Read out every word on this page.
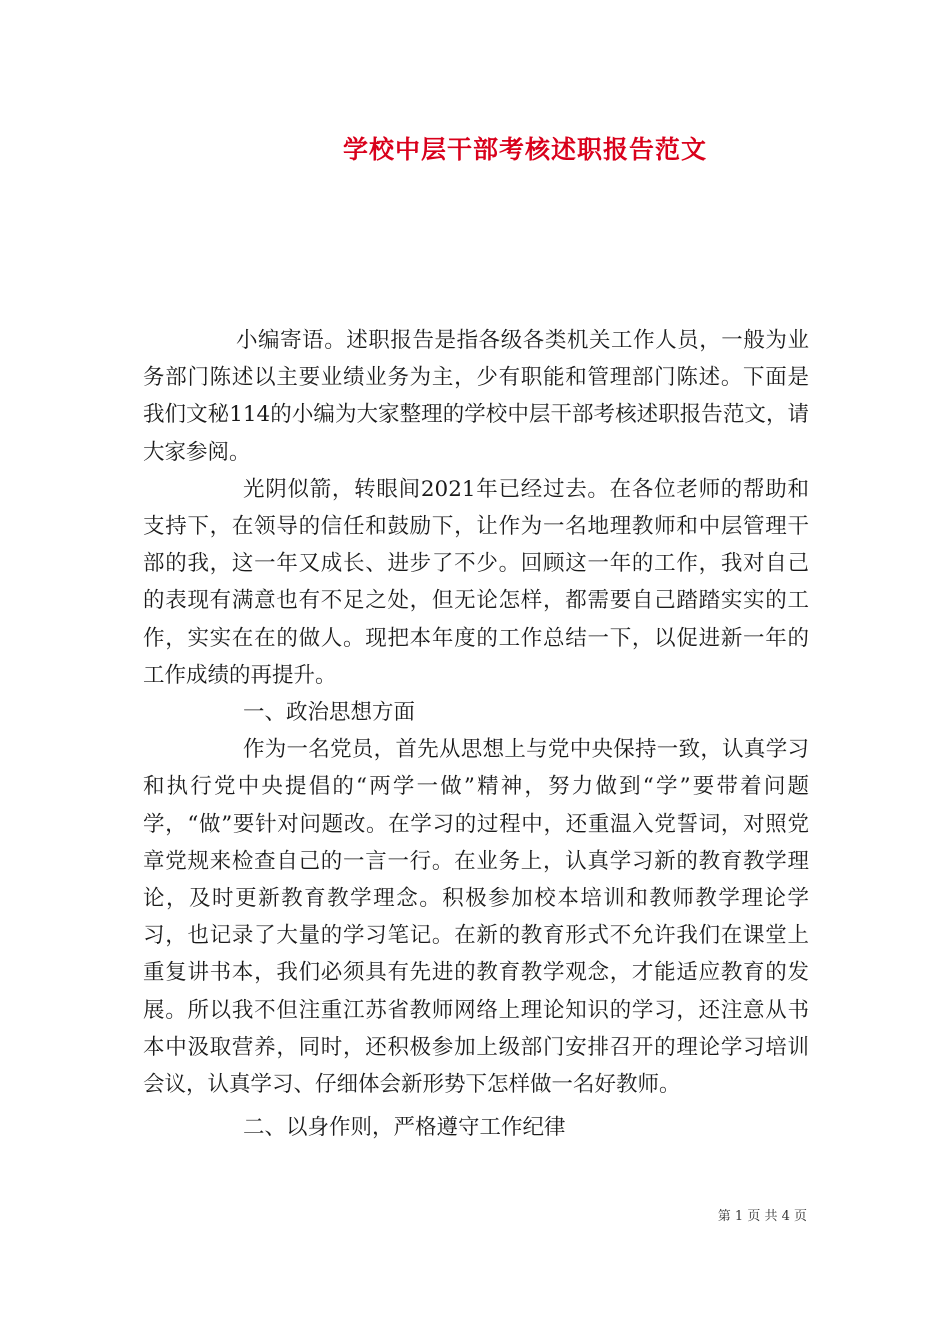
学校中层干部考核述职报告范文

小编寄语。述职报告是指各级各类机关工作人员，一般为业务部门陈述以主要业绩业务为主，少有职能和管理部门陈述。下面是我们文秘114的小编为大家整理的学校中层干部考核述职报告范文，请大家参阅。

光阴似箭，转眼间2021年已经过去。在各位老师的帮助和支持下，在领导的信任和鼓励下，让作为一名地理教师和中层管理干部的我，这一年又成长、进步了不少。回顾这一年的工作，我对自己的表现有满意也有不足之处，但无论怎样，都需要自己踏踏实实的工作，实实在在的做人。现把本年度的工作总结一下，以促进新一年的工作成绩的再提升。

一、政治思想方面

作为一名党员，首先从思想上与党中央保持一致，认真学习和执行党中央提倡的“两学一做”精神，努力做到“学”要带着问题学，“做”要针对问题改。在学习的过程中，还重温入党誓词，对照党章党规来检查自己的一言一行。在业务上，认真学习新的教育教学理论，及时更新教育教学理念。积极参加校本培训和教师教学理论学习，也记录了大量的学习笔记。在新的教育形式不允许我们在课堂上重复讲书本，我们必须具有先进的教育教学观念，才能适应教育的发展。所以我不但注重江苏省教师网络上理论知识的学习，还注意从书本中汲取营养，同时，还积极参加上级部门安排召开的理论学习培训会议，认真学习、仔细体会新形势下怎样做一名好教师。

二、以身作则，严格遵守工作纪律

第 1 页 共 4 页
